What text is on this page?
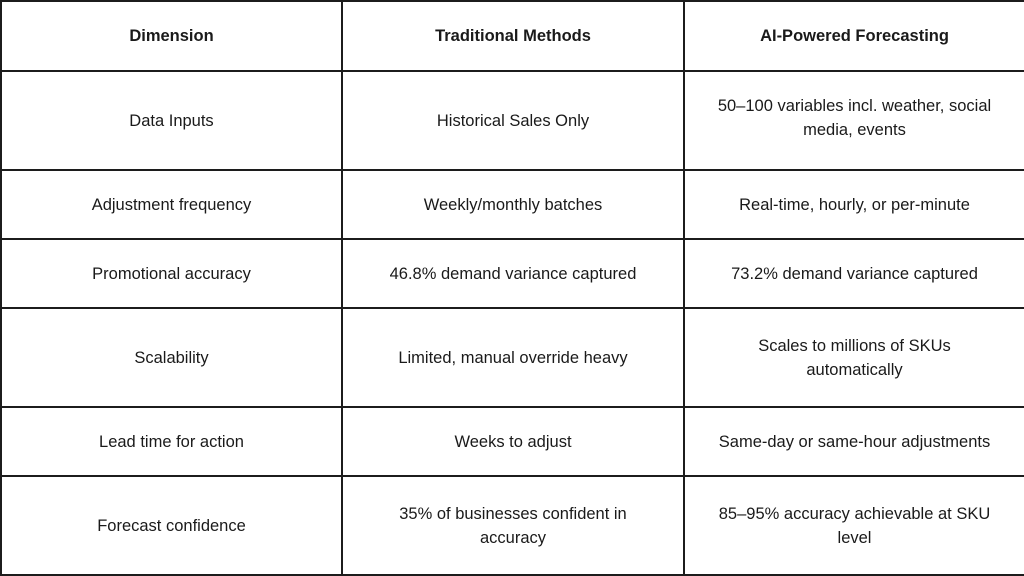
Dimension	Traditional Methods	AI-Powered Forecasting
Data Inputs	Historical Sales Only	50–100 variables incl. weather, social media, events
Adjustment frequency	Weekly/monthly batches	Real-time, hourly, or per-minute
Promotional accuracy	46.8% demand variance captured	73.2% demand variance captured
Scalability	Limited, manual override heavy	Scales to millions of SKUs automatically
Lead time for action	Weeks to adjust	Same-day or same-hour adjustments
Forecast confidence	35% of businesses confident in accuracy	85–95% accuracy achievable at SKU level
